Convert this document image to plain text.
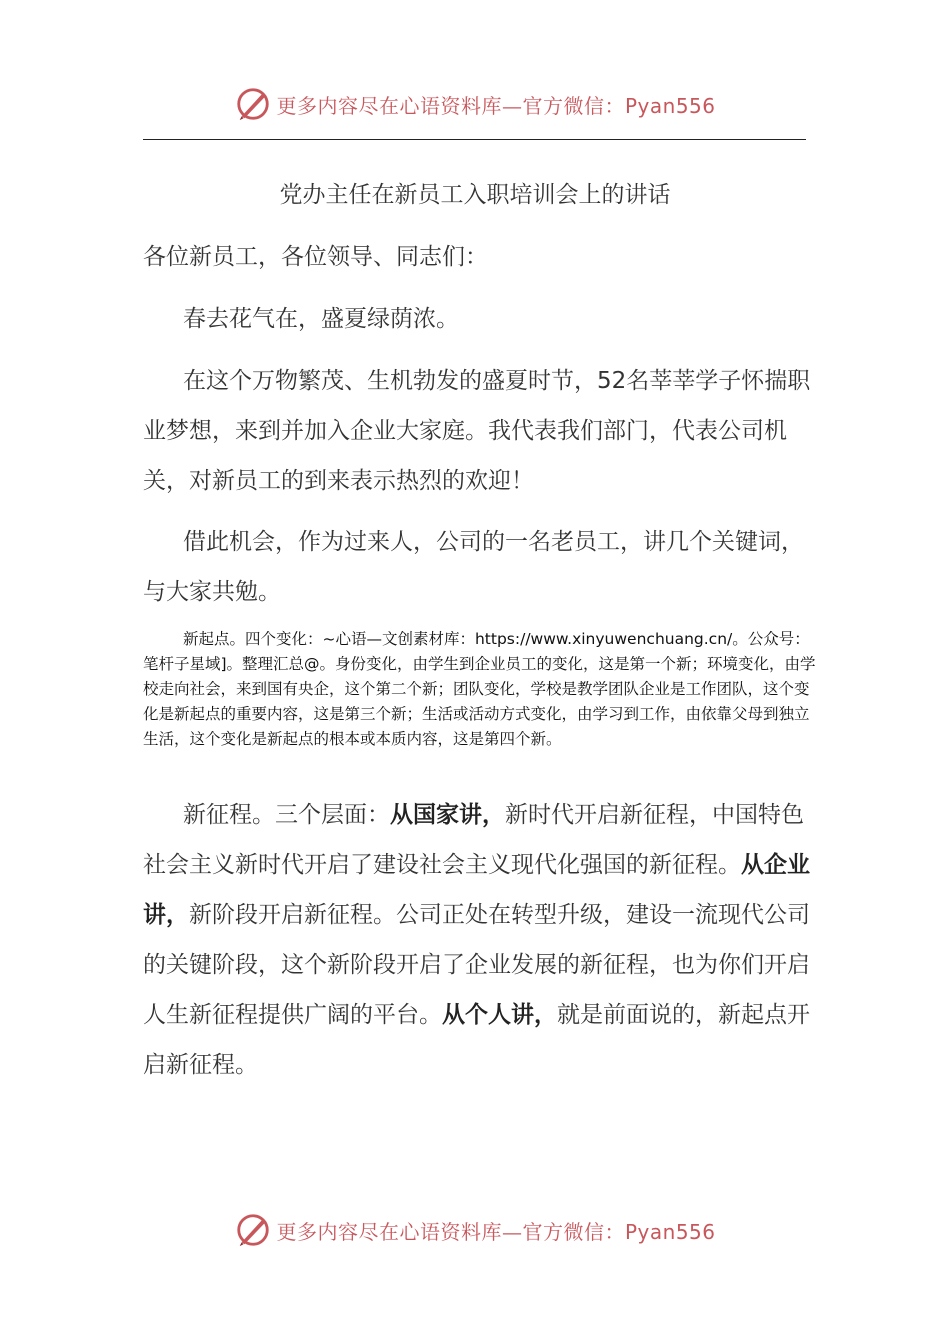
更多内容尽在心语资料库—官方微信：Pyan556
党办主任在新员工入职培训会上的讲话
各位新员工，各位领导、同志们：

春去花气在，盛夏绿荫浓。

在这个万物繁茂、生机勃发的盛夏时节，52名莘莘学子怀揣职业梦想，来到并加入企业大家庭。我代表我们部门，代表公司机关，对新员工的到来表示热烈的欢迎！

借此机会，作为过来人，公司的一名老员工，讲几个关键词，与大家共勉。

新起点。四个变化：~心语—文创素材库：https://www.xinyuwenchuang.cn/。公众号：笔杆子星域]。整理汇总@。身份变化，由学生到企业员工的变化，这是第一个新；环境变化，由学校走向社会，来到国有央企，这个第二个新；团队变化，学校是教学团队企业是工作团队，这个变化是新起点的重要内容，这是第三个新；生活或活动方式变化，由学习到工作，由依靠父母到独立生活，这个变化是新起点的根本或本质内容，这是第四个新。

新征程。三个层面：从国家讲，新时代开启新征程，中国特色社会主义新时代开启了建设社会主义现代化强国的新征程。从企业讲，新阶段开启新征程。公司正处在转型升级，建设一流现代公司的关键阶段，这个新阶段开启了企业发展的新征程，也为你们开启人生新征程提供广阔的平台。从个人讲，就是前面说的，新起点开启新征程。

更多内容尽在心语资料库—官方微信：Pyan556
